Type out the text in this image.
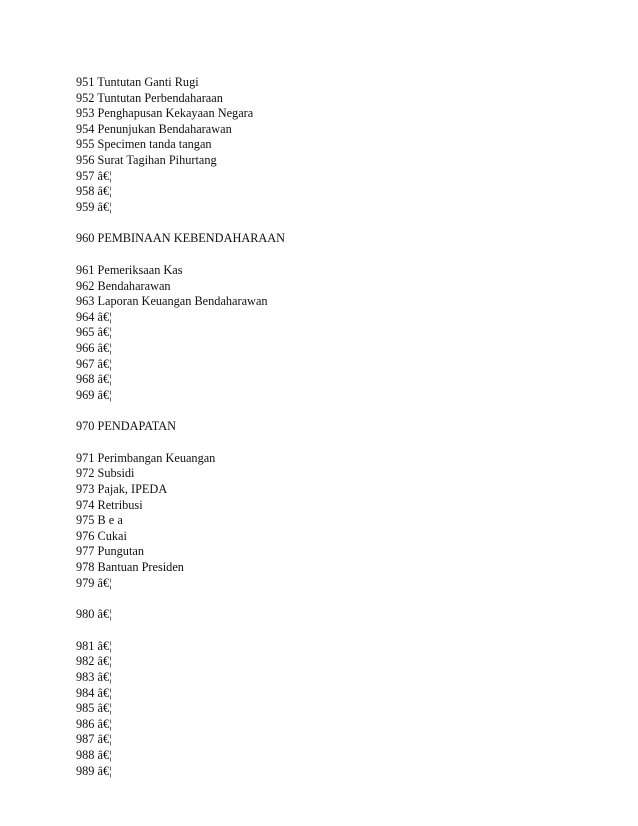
951 Tuntutan Ganti Rugi
952 Tuntutan Perbendaharaan
953 Penghapusan Kekayaan Negara
954 Penunjukan Bendaharawan
955 Specimen tanda tangan
956 Surat Tagihan Pihurtang
957 â€¦
958 â€¦
959 â€¦
960 PEMBINAAN KEBENDAHARAAN
961 Pemeriksaan Kas
962 Bendaharawan
963 Laporan Keuangan Bendaharawan
964 â€¦
965 â€¦
966 â€¦
967 â€¦
968 â€¦
969 â€¦
970 PENDAPATAN
971 Perimbangan Keuangan
972 Subsidi
973 Pajak, IPEDA
974 Retribusi
975 B e a
976 Cukai
977 Pungutan
978 Bantuan Presiden
979 â€¦
980 â€¦
981 â€¦
982 â€¦
983 â€¦
984 â€¦
985 â€¦
986 â€¦
987 â€¦
988 â€¦
989 â€¦
